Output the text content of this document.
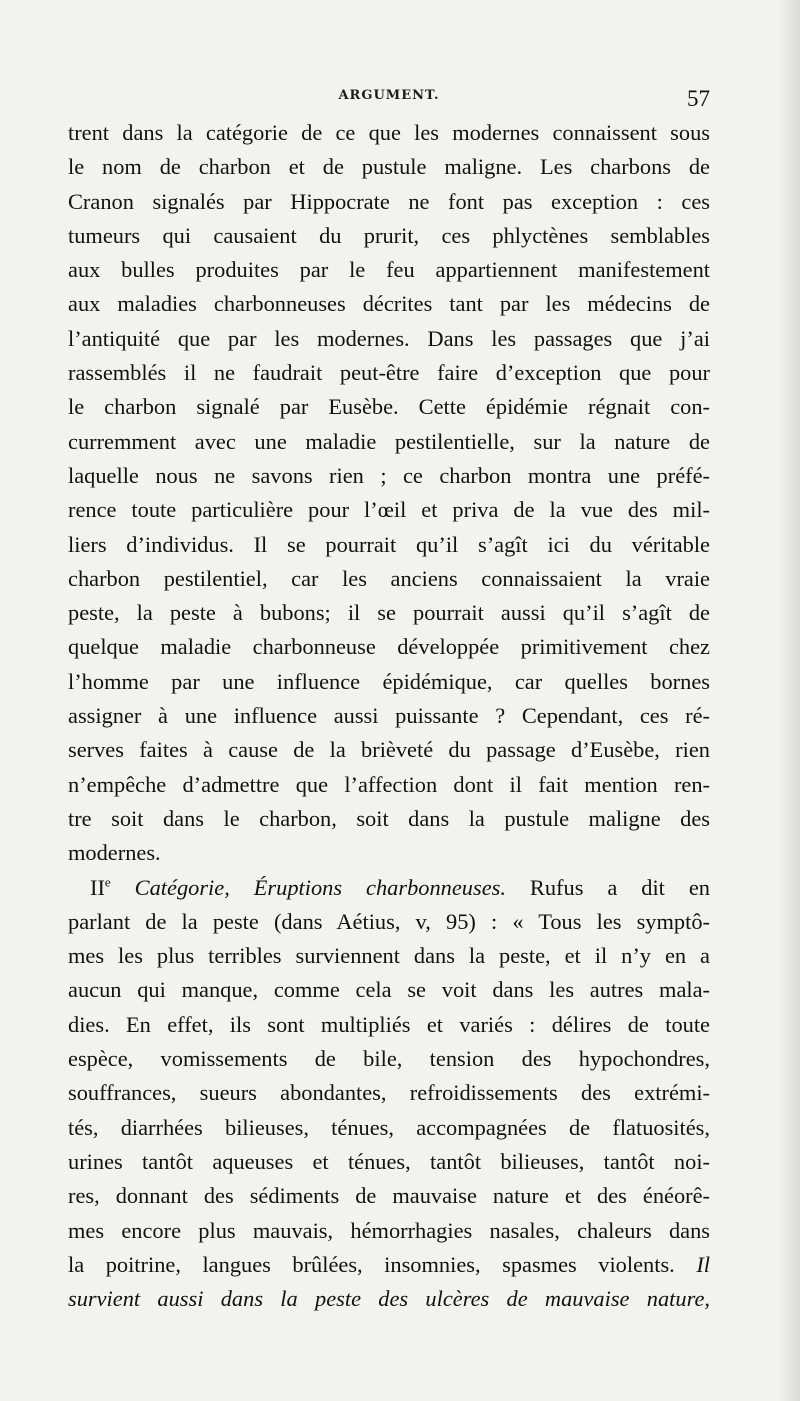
ARGUMENT.	57
trent dans la catégorie de ce que les modernes connaissent sous
le nom de charbon et de pustule maligne. Les charbons de
Cranon signalés par Hippocrate ne font pas exception : ces
tumeurs qui causaient du prurit, ces phlyctènes semblables
aux bulles produites par le feu appartiennent manifestement
aux maladies charbonneuses décrites tant par les médecins de
l’antiquité que par les modernes. Dans les passages que j’ai
rassemblés il ne faudrait peut-être faire d’exception que pour
le charbon signalé par Eusèbe. Cette épidémie régnait con-
curremment avec une maladie pestilentielle, sur la nature de
laquelle nous ne savons rien ; ce charbon montra une préfé-
rence toute particulière pour l’œil et priva de la vue des mil-
liers d’individus. Il se pourrait qu’il s’agît ici du véritable
charbon pestilentiel, car les anciens connaissaient la vraie
peste, la peste à bubons; il se pourrait aussi qu’il s’agît de
quelque maladie charbonneuse développée primitivement chez
l’homme par une influence épidémique, car quelles bornes
assigner à une influence aussi puissante ? Cependant, ces ré-
serves faites à cause de la brièveté du passage d’Eusèbe, rien
n’empêche d’admettre que l’affection dont il fait mention ren-
tre soit dans le charbon, soit dans la pustule maligne des
modernes.
IIe Catégorie, Éruptions charbonneuses. Rufus a dit en
parlant de la peste (dans Aétius, v, 95) : « Tous les symptô-
mes les plus terribles surviennent dans la peste, et il n’y en a
aucun qui manque, comme cela se voit dans les autres mala-
dies. En effet, ils sont multipliés et variés : délires de toute
espèce, vomissements de bile, tension des hypochondres,
souffrances, sueurs abondantes, refroidissements des extrémi-
tés, diarrhées bilieuses, ténues, accompagnées de flatuosités,
urines tantôt aqueuses et ténues, tantôt bilieuses, tantôt noi-
res, donnant des sédiments de mauvaise nature et des énéorê-
mes encore plus mauvais, hémorrhagies nasales, chaleurs dans
la poitrine, langues brûlées, insomnies, spasmes violents. Il
survient aussi dans la peste des ulcères de mauvaise nature,
